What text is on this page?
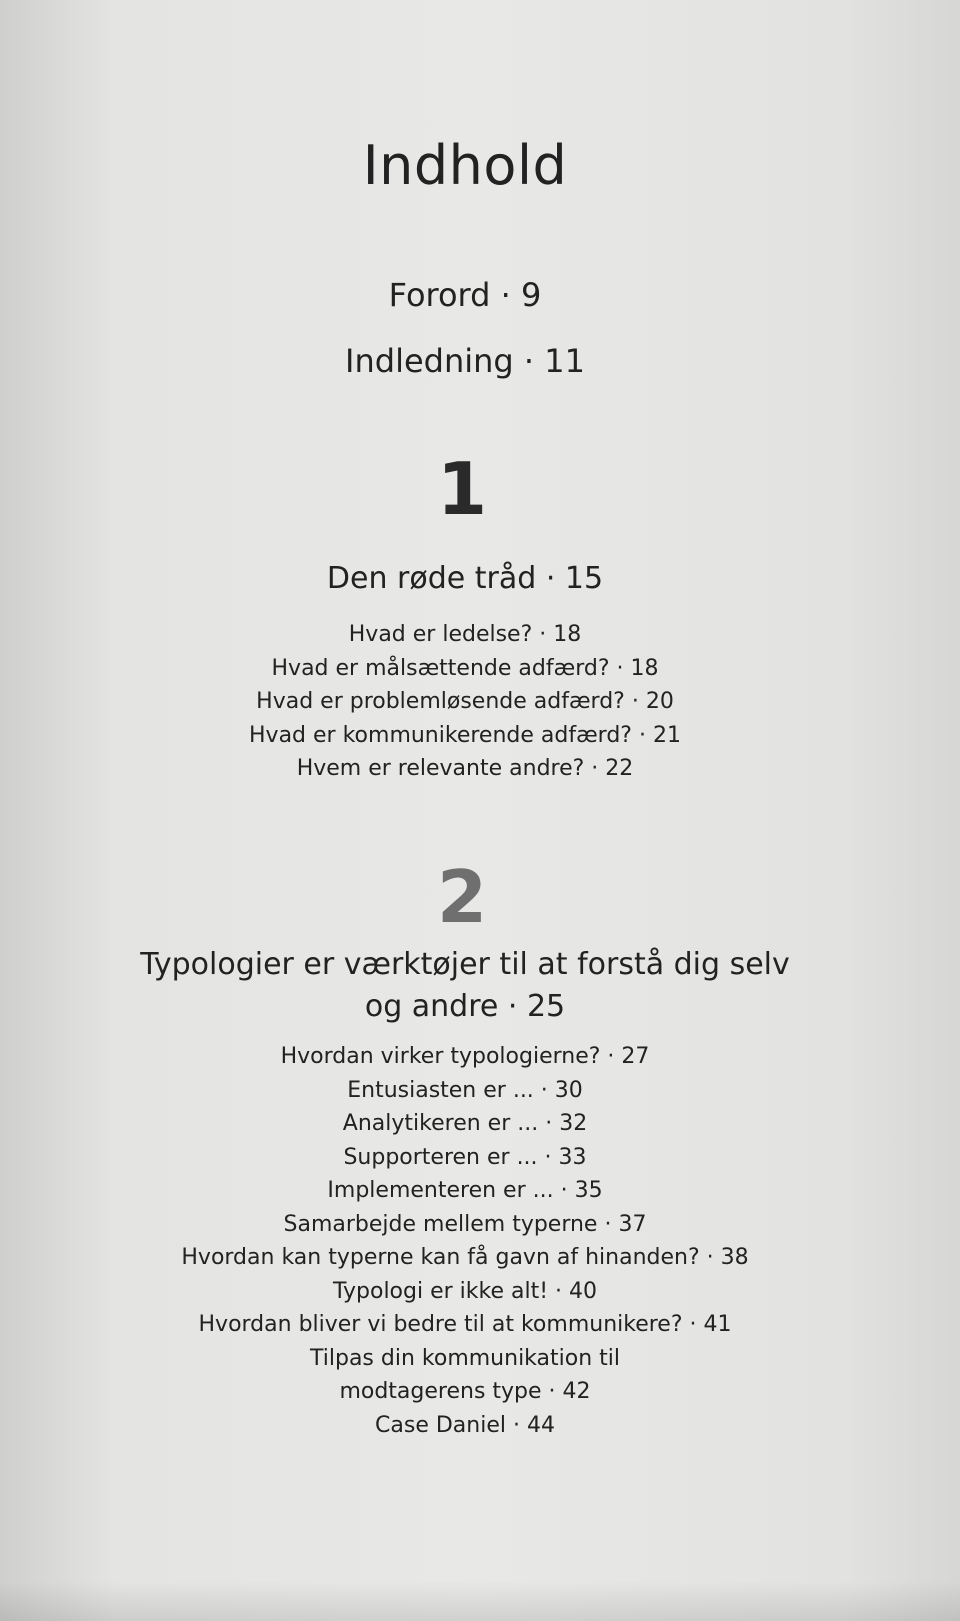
Indhold
Forord · 9
Indledning · 11
1
Den røde tråd · 15
Hvad er ledelse? · 18
Hvad er målsættende adfærd? · 18
Hvad er problemløsende adfærd? · 20
Hvad er kommunikerende adfærd? · 21
Hvem er relevante andre? · 22
2
Typologier er værktøjer til at forstå dig selv
og andre · 25
Hvordan virker typologierne? · 27
Entusiasten er ... · 30
Analytikeren er ... · 32
Supporteren er ... · 33
Implementeren er ... · 35
Samarbejde mellem typerne · 37
Hvordan kan typerne kan få gavn af hinanden? · 38
Typologi er ikke alt! · 40
Hvordan bliver vi bedre til at kommunikere? · 41
Tilpas din kommunikation til
modtagerens type · 42
Case Daniel · 44
